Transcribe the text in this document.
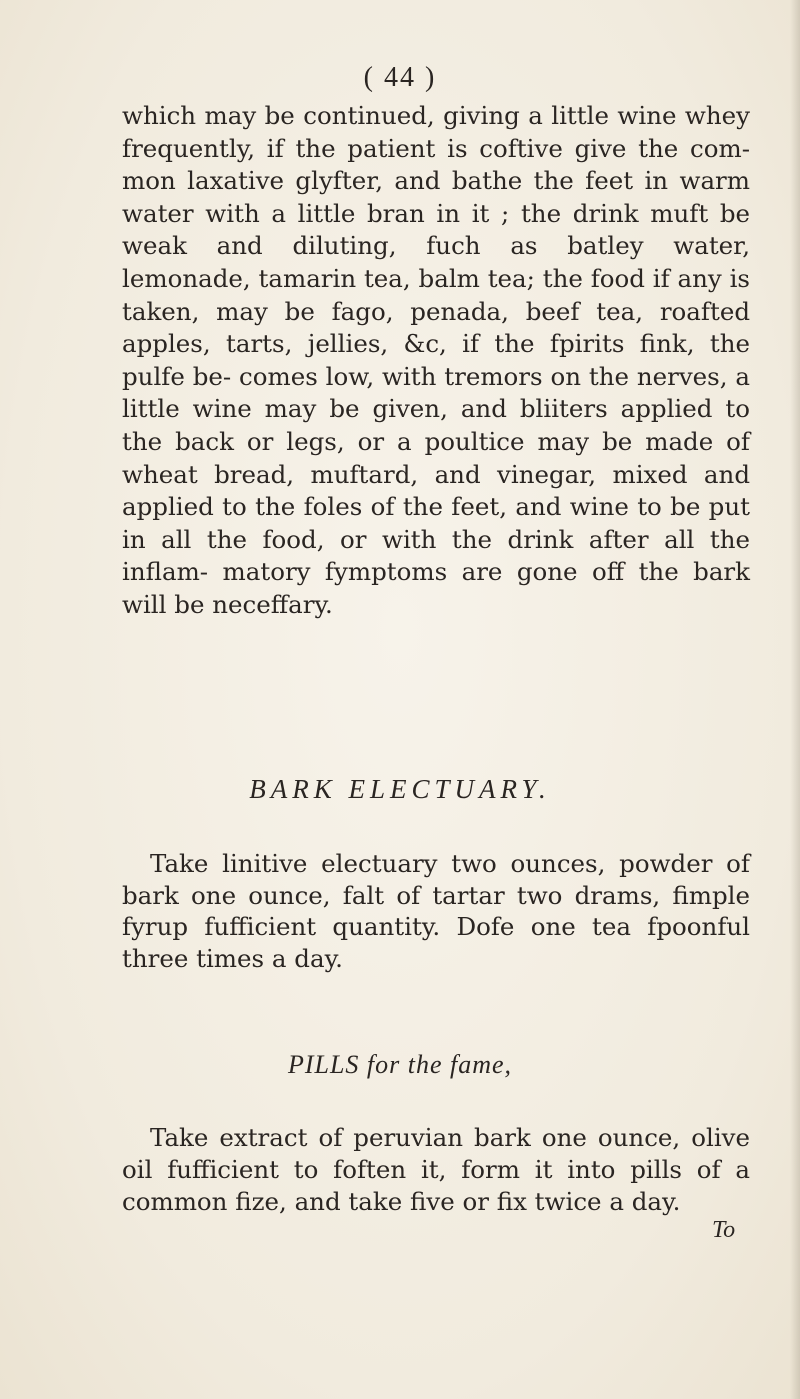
( 44 )
which may be continued, giving a little wine whey frequently, if the patient is coftive give the com- mon laxative glyfter, and bathe the feet in warm water with a little bran in it ; the drink muft be weak and diluting, fuch as batley water, lemonade, tamarin tea, balm tea; the food if any is taken, may be fago, penada, beef tea, roafted apples, tarts, jellies, &c, if the fpirits fink, the pulfe be- comes low, with tremors on the nerves, a little wine may be given, and bliiters applied to the back or legs, or a poultice may be made of wheat bread, muftard, and vinegar, mixed and applied to the foles of the feet, and wine to be put in all the food, or with the drink after all the inflam- matory fymptoms are gone off the bark will be neceffary.
BARK ELECTUARY.
Take linitive electuary two ounces, powder of bark one ounce, falt of tartar two drams, fimple fyrup fufficient quantity. Dofe one tea fpoonful three times a day.
PILLS for the fame,
Take extract of peruvian bark one ounce, olive oil fufficient to foften it, form it into pills of a common fize, and take five or fix twice a day.
To
